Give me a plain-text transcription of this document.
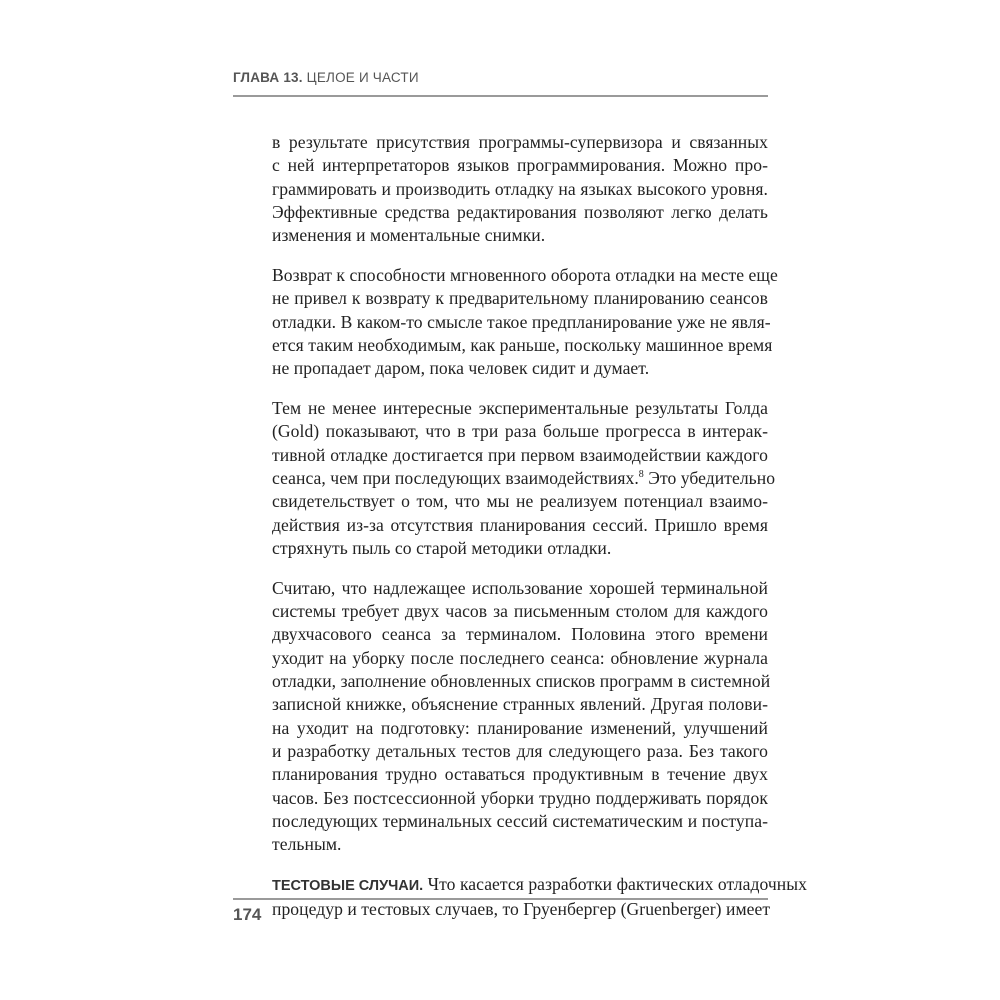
ГЛАВА 13. ЦЕЛОЕ И ЧАСТИ
в результате присутствия программы-супервизора и связанных
с ней интерпретаторов языков программирования. Можно про-
граммировать и производить отладку на языках высокого уровня.
Эффективные средства редактирования позволяют легко делать
изменения и моментальные снимки.
Возврат к способности мгновенного оборота отладки на месте еще
не привел к возврату к предварительному планированию сеансов
отладки. В каком-то смысле такое предпланирование уже не явля-
ется таким необходимым, как раньше, поскольку машинное время
не пропадает даром, пока человек сидит и думает.
Тем не менее интересные экспериментальные результаты Голда
(Gold) показывают, что в три раза больше прогресса в интерак-
тивной отладке достигается при первом взаимодействии каждого
сеанса, чем при последующих взаимодействиях.$^8$ Это убедительно
свидетельствует о том, что мы не реализуем потенциал взаимо-
действия из-за отсутствия планирования сессий. Пришло время
стряхнуть пыль со старой методики отладки.
Считаю, что надлежащее использование хорошей терминальной
системы требует двух часов за письменным столом для каждого
двухчасового сеанса за терминалом. Половина этого времени
уходит на уборку после последнего сеанса: обновление журнала
отладки, заполнение обновленных списков программ в системной
записной книжке, объяснение странных явлений. Другая полови-
на уходит на подготовку: планирование изменений, улучшений
и разработку детальных тестов для следующего раза. Без такого
планирования трудно оставаться продуктивным в течение двух
часов. Без постсессионной уборки трудно поддерживать порядок
последующих терминальных сессий систематическим и поступа-
тельным.
ТЕСТОВЫЕ СЛУЧАИ. Что касается разработки фактических отладочных
процедур и тестовых случаев, то Груенбергер (Gruenberger) имеет
174
